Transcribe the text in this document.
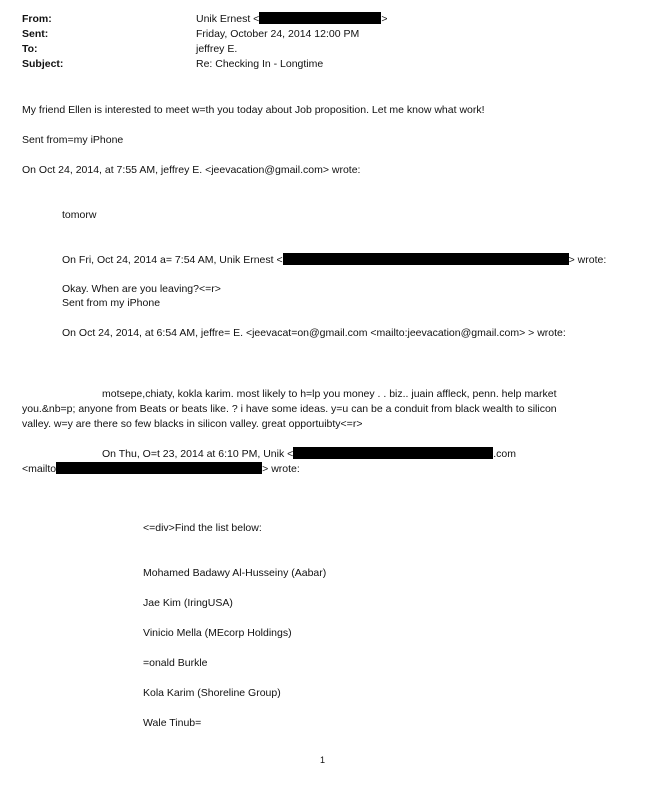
From:	Unik Ernest <	>
Sent:	Friday, October 24, 2014 12:00 PM
To:	jeffrey E.
Subject:	Re: Checking In - Longtime
My friend Ellen is interested to meet w=th you today about Job proposition. Let me know what work!
Sent from=my iPhone
On Oct 24, 2014, at 7:55 AM, jeffrey E. <jeevacation@gmail.com> wrote:
tomorw
On Fri, Oct 24, 2014 a= 7:54 AM, Unik Ernest <	> wrote:
Okay. When are you leaving?<=r>
Sent from my iPhone
On Oct 24, 2014, at 6:54 AM, jeffre= E. <jeevacat=on@gmail.com <mailto:jeevacation@gmail.com> > wrote:
motsepe,chiaty, kokla karim. most likely to h=lp you money . . biz.. juain affleck, penn. help market
you.&nb=p; anyone from Beats or beats like. ? i have some ideas. y=u can be a conduit from black wealth to silicon
valley. w=y are there so few blacks in silicon valley. great opportuibty<=r>
On Thu, O=t 23, 2014 at 6:10 PM, Unik <	.com
<mailto	> wrote:
<=div>Find the list below:
Mohamed Badawy Al-Husseiny (Aabar)
Jae Kim (IringUSA)
Vinicio Mella (MEcorp Holdings)
=onald Burkle
Kola Karim (Shoreline Group)
Wale Tinub=
1
